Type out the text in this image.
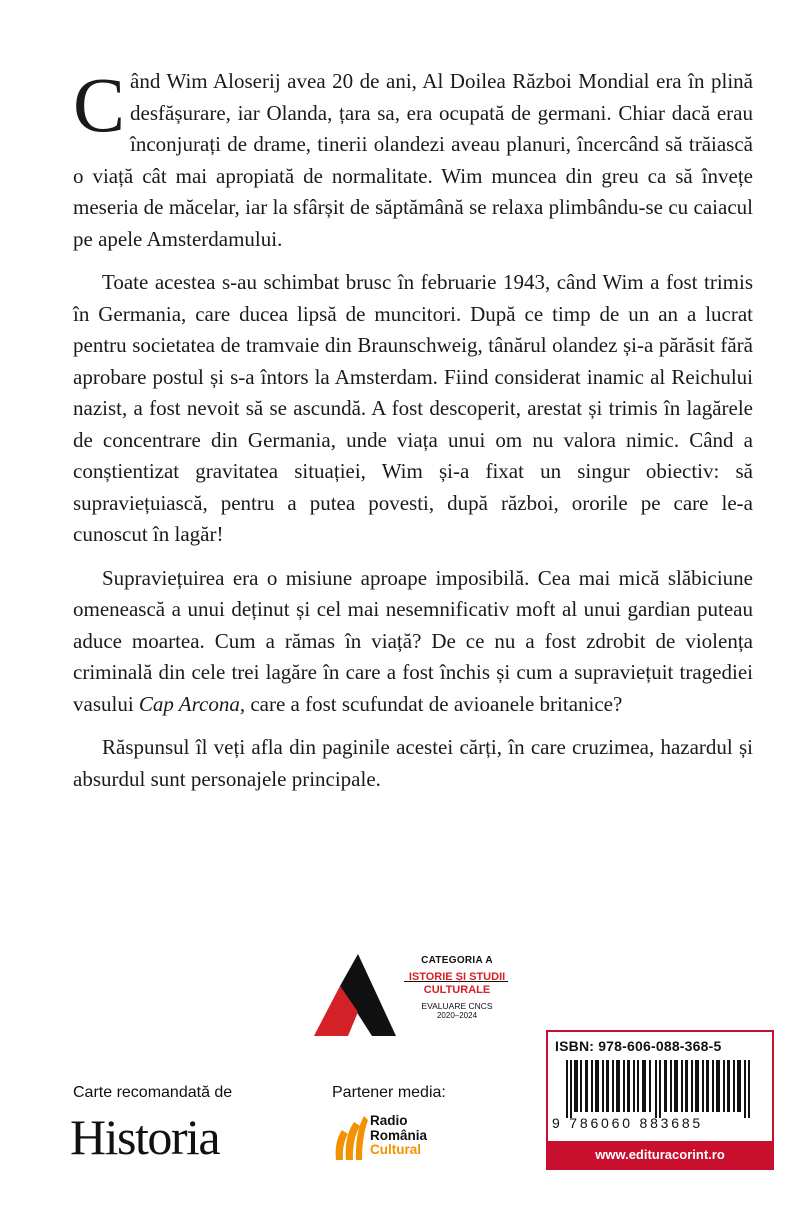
Când Wim Aloserij avea 20 de ani, Al Doilea Război Mondial era în plină desfășurare, iar Olanda, țara sa, era ocupată de germani. Chiar dacă erau înconjurați de drame, tinerii olandezi aveau planuri, încercând să trăiască o viață cât mai apropiată de normalitate. Wim muncea din greu ca să învețe meseria de măcelar, iar la sfârșit de săptămână se relaxa plimbându-se cu caiacul pe apele Amsterdamului.

Toate acestea s-au schimbat brusc în februarie 1943, când Wim a fost trimis în Germania, care ducea lipsă de muncitori. După ce timp de un an a lucrat pentru societatea de tramvaie din Braunschweig, tânărul olandez și-a părăsit fără aprobare postul și s-a întors la Amsterdam. Fiind considerat inamic al Reichului nazist, a fost nevoit să se ascundă. A fost descoperit, arestat și trimis în lagărele de concentrare din Germania, unde viața unui om nu valora nimic. Când a conștientizat gravitatea situației, Wim și-a fixat un singur obiectiv: să supraviețuiască, pentru a putea povesti, după război, ororile pe care le-a cunoscut în lagăr!

Supraviețuirea era o misiune aproape imposibilă. Cea mai mică slăbiciune omenească a unui deținut și cel mai nesemnificativ moft al unui gardian puteau aduce moartea. Cum a rămas în viață? De ce nu a fost zdrobit de violența criminală din cele trei lagăre în care a fost închis și cum a supraviețuit tragediei vasului Cap Arcona, care a fost scufundat de avioanele britanice?

Răspunsul îl veți afla din paginile acestei cărți, în care cruzimea, hazardul și absurdul sunt personajele principale.

CATEGORIA A
ISTORIE ȘI STUDII
CULTURALE
EVALUARE CNCS
2020–2024
ISBN: 978-606-088-368-5
9 786060 883685
www.edituracorint.ro
Carte recomandată de
Historia
Partener media:
Radio
România
Cultural
